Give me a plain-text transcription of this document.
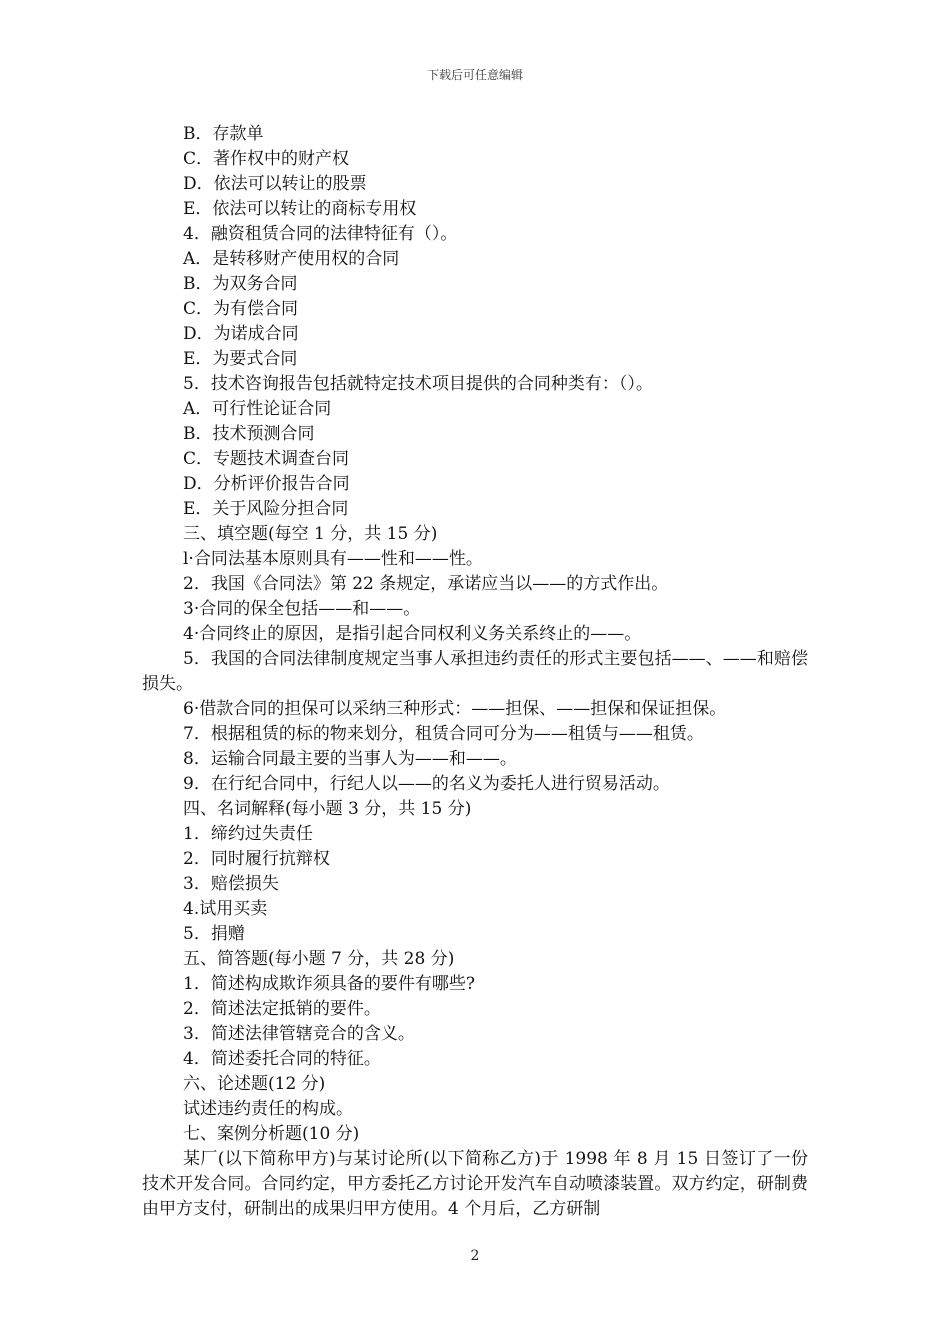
下载后可任意编辑
B．存款单
C．著作权中的财产权
D．依法可以转让的股票
E．依法可以转让的商标专用权
4．融资租赁合同的法律特征有（）。
A．是转移财产使用权的合同
B．为双务合同
C．为有偿合同
D．为诺成合同
E．为要式合同
5．技术咨询报告包括就特定技术项目提供的合同种类有：（）。
A．可行性论证合同
B．技术预测合同
C．专题技术调查台同
D．分析评价报告合同
E．关于风险分担合同
三、填空题(每空 1 分，共 15 分)
l·合同法基本原则具有——性和——性。
2．我国《合同法》第 22 条规定，承诺应当以——的方式作出。
3·合同的保全包括——和——。
4·合同终止的原因，是指引起合同权利义务关系终止的——。
5．我国的合同法律制度规定当事人承担违约责任的形式主要包括——、——和赔偿损失。
6·借款合同的担保可以采纳三种形式：——担保、——担保和保证担保。
7．根据租赁的标的物来划分，租赁合同可分为——租赁与——租赁。
8．运输合同最主要的当事人为——和——。
9．在行纪合同中，行纪人以——的名义为委托人进行贸易活动。
四、名词解释(每小题 3 分，共 15 分)
1．缔约过失责任
2．同时履行抗辩权
3．赔偿损失
4.试用买卖
5．捐赠
五、简答题(每小题 7 分，共 28 分)
1．简述构成欺诈须具备的要件有哪些?
2．简述法定抵销的要件。
3．简述法律管辖竞合的含义。
4．简述委托合同的特征。
六、论述题(12 分)
试述违约责任的构成。
七、案例分析题(10 分)
某厂(以下简称甲方)与某讨论所(以下简称乙方)于 1998 年 8 月 15 日签订了一份技术开发合同。合同约定，甲方委托乙方讨论开发汽车自动喷漆装置。双方约定，研制费由甲方支付，研制出的成果归甲方使用。4 个月后，乙方研制
2
